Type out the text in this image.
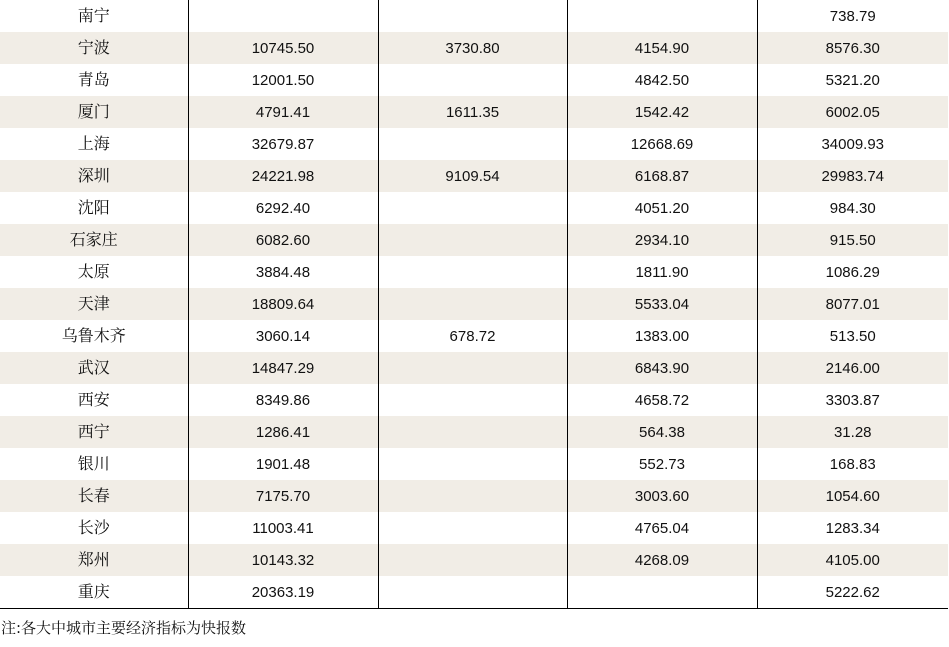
南宁				738.79
宁波	10745.50	3730.80	4154.90	8576.30
青岛	12001.50		4842.50	5321.20
厦门	4791.41	1611.35	1542.42	6002.05
上海	32679.87		12668.69	34009.93
深圳	24221.98	9109.54	6168.87	29983.74
沈阳	6292.40		4051.20	984.30
石家庄	6082.60		2934.10	915.50
太原	3884.48		1811.90	1086.29
天津	18809.64		5533.04	8077.01
乌鲁木齐	3060.14	678.72	1383.00	513.50
武汉	14847.29		6843.90	2146.00
西安	8349.86		4658.72	3303.87
西宁	1286.41		564.38	31.28
银川	1901.48		552.73	168.83
长春	7175.70		3003.60	1054.60
长沙	11003.41		4765.04	1283.34
郑州	10143.32		4268.09	4105.00
重庆	20363.19			5222.62
注:各大中城市主要经济指标为快报数
